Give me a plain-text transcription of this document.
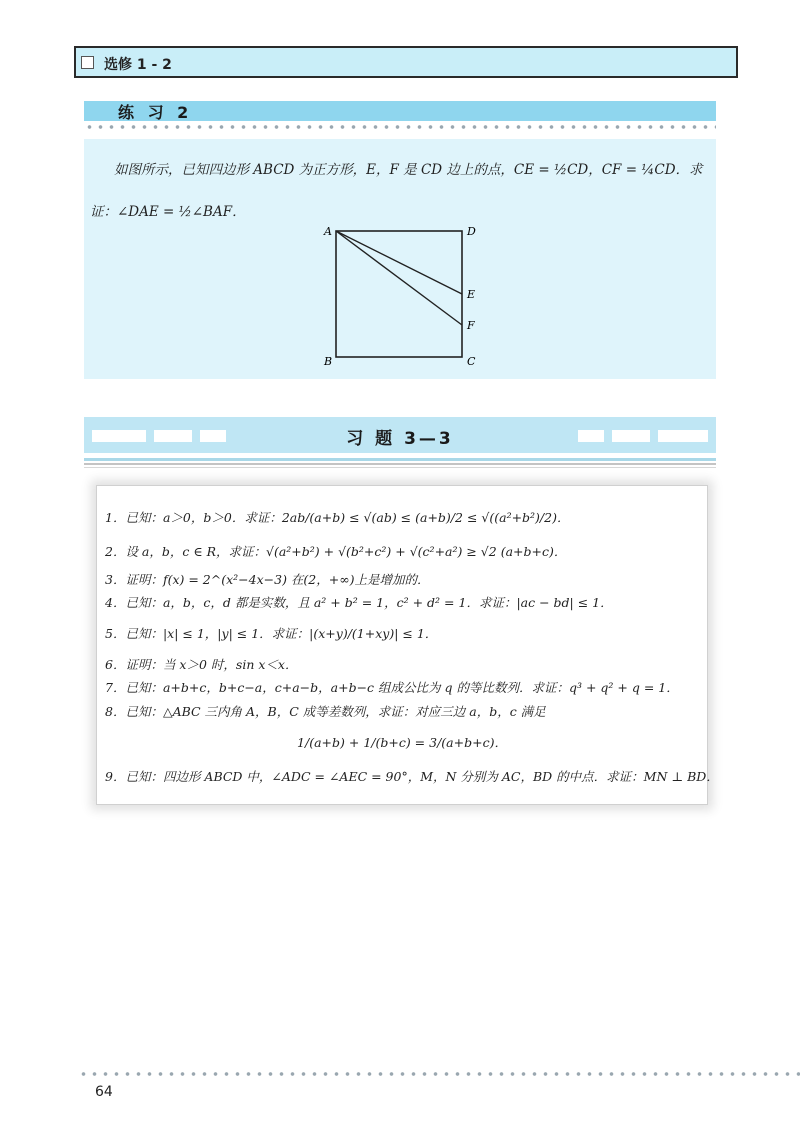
选修 1 - 2
练 习 2
如图所示，已知四边形 ABCD 为正方形，E，F 是 CD 边上的点，CE = ½CD，CF = ¼CD．求证：∠DAE = ½∠BAF．
A	D
E
F
B	C
习 题 3—3
1．已知：a＞0，b＞0．求证：2ab/(a+b) ≤ √(ab) ≤ (a+b)/2 ≤ √((a²+b²)/2)．
2．设 a，b，c ∈ R，求证：√(a²+b²) + √(b²+c²) + √(c²+a²) ≥ √2 (a+b+c)．
3．证明：f(x) = 2^(x²−4x−3) 在(2，+∞)上是增加的．
4．已知：a，b，c，d 都是实数，且 a² + b² = 1，c² + d² = 1．求证：|ac − bd| ≤ 1．
5．已知：|x| ≤ 1，|y| ≤ 1．求证：|(x+y)/(1+xy)| ≤ 1．
6．证明：当 x＞0 时，sin x＜x．
7．已知：a+b+c，b+c−a，c+a−b，a+b−c 组成公比为 q 的等比数列．求证：q³ + q² + q = 1．
8．已知：△ABC 三内角 A，B，C 成等差数列，求证：对应三边 a，b，c 满足
1/(a+b) + 1/(b+c) = 3/(a+b+c)．
9．已知：四边形 ABCD 中，∠ADC = ∠AEC = 90°，M，N 分别为 AC，BD 的中点．求证：MN ⊥ BD．
64
